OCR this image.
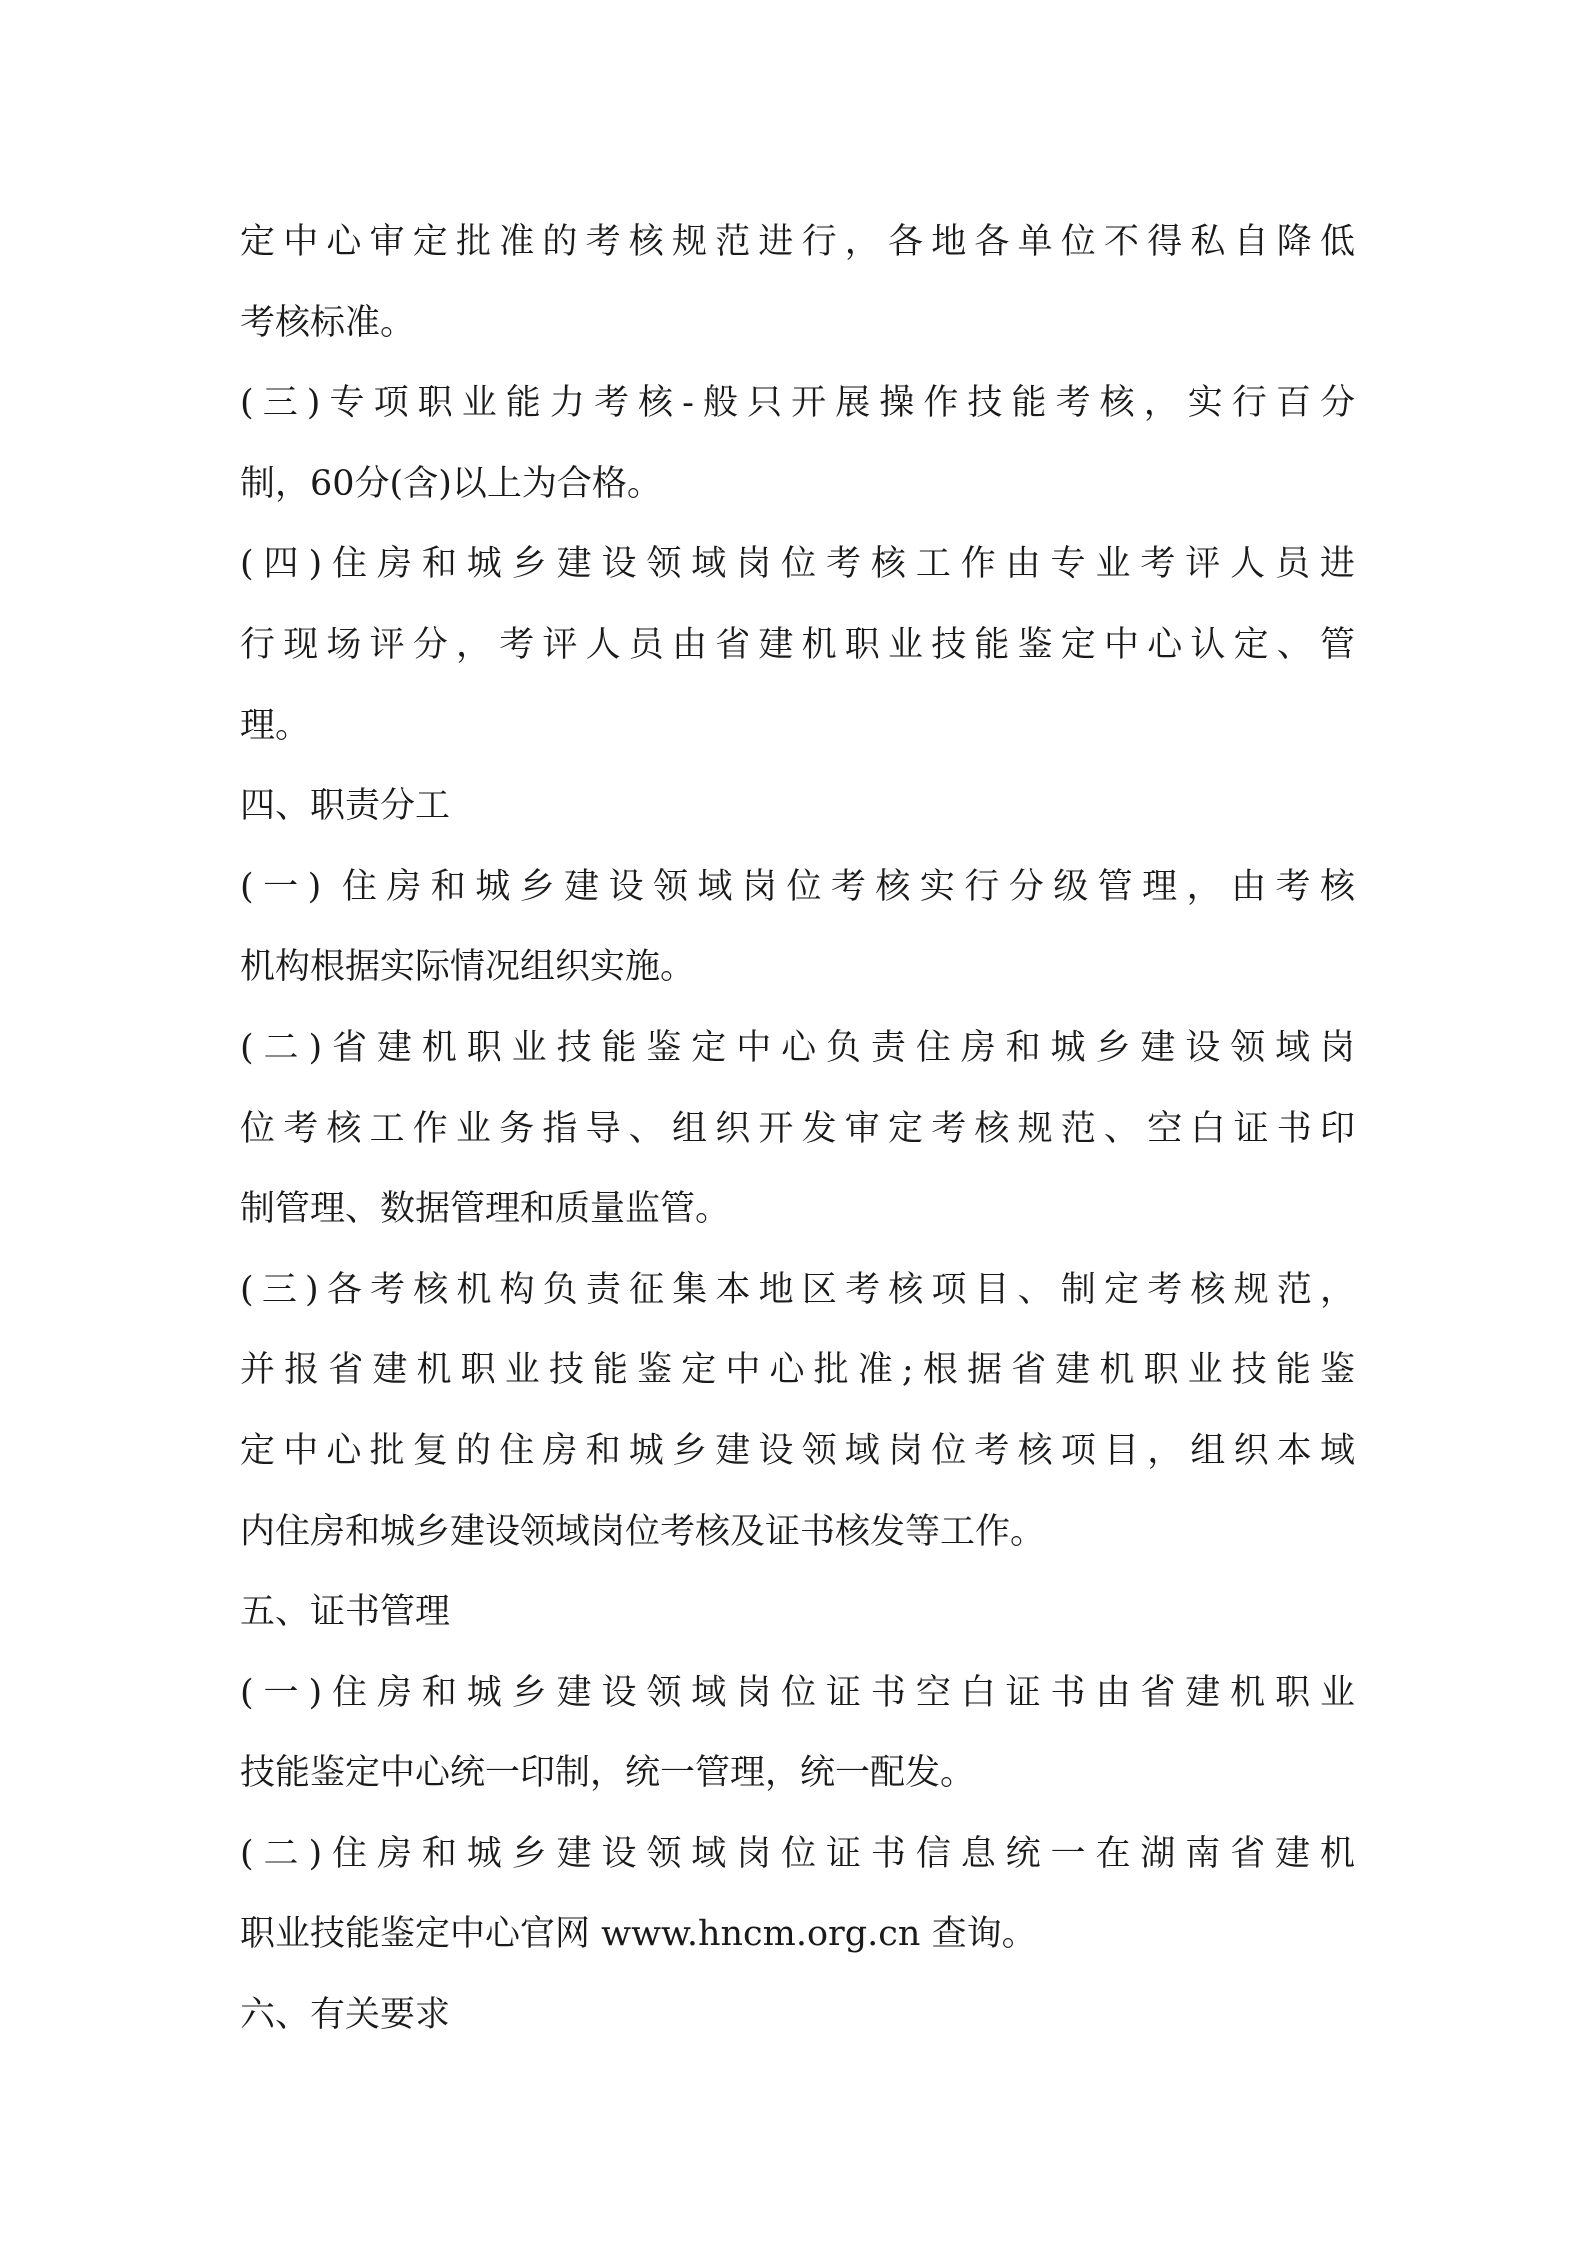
定中心审定批准的考核规范进行，各地各单位不得私自降低
考核标准。
(三)专项职业能力考核-般只开展操作技能考核，实行百分
制，60分(含)以上为合格。
(四)住房和城乡建设领域岗位考核工作由专业考评人员进
行现场评分，考评人员由省建机职业技能鉴定中心认定、管
理。
四、职责分工
(一) 住房和城乡建设领域岗位考核实行分级管理，由考核
机构根据实际情况组织实施。
(二)省建机职业技能鉴定中心负责住房和城乡建设领域岗
位考核工作业务指导、组织开发审定考核规范、空白证书印
制管理、数据管理和质量监管。
(三)各考核机构负责征集本地区考核项目、制定考核规范，
并报省建机职业技能鉴定中心批准;根据省建机职业技能鉴
定中心批复的住房和城乡建设领域岗位考核项目，组织本域
内住房和城乡建设领域岗位考核及证书核发等工作。
五、证书管理
(一)住房和城乡建设领域岗位证书空白证书由省建机职业
技能鉴定中心统一印制，统一管理，统一配发。
(二)住房和城乡建设领域岗位证书信息统一在湖南省建机
职业技能鉴定中心官网 www.hncm.org.cn 查询。
六、有关要求
